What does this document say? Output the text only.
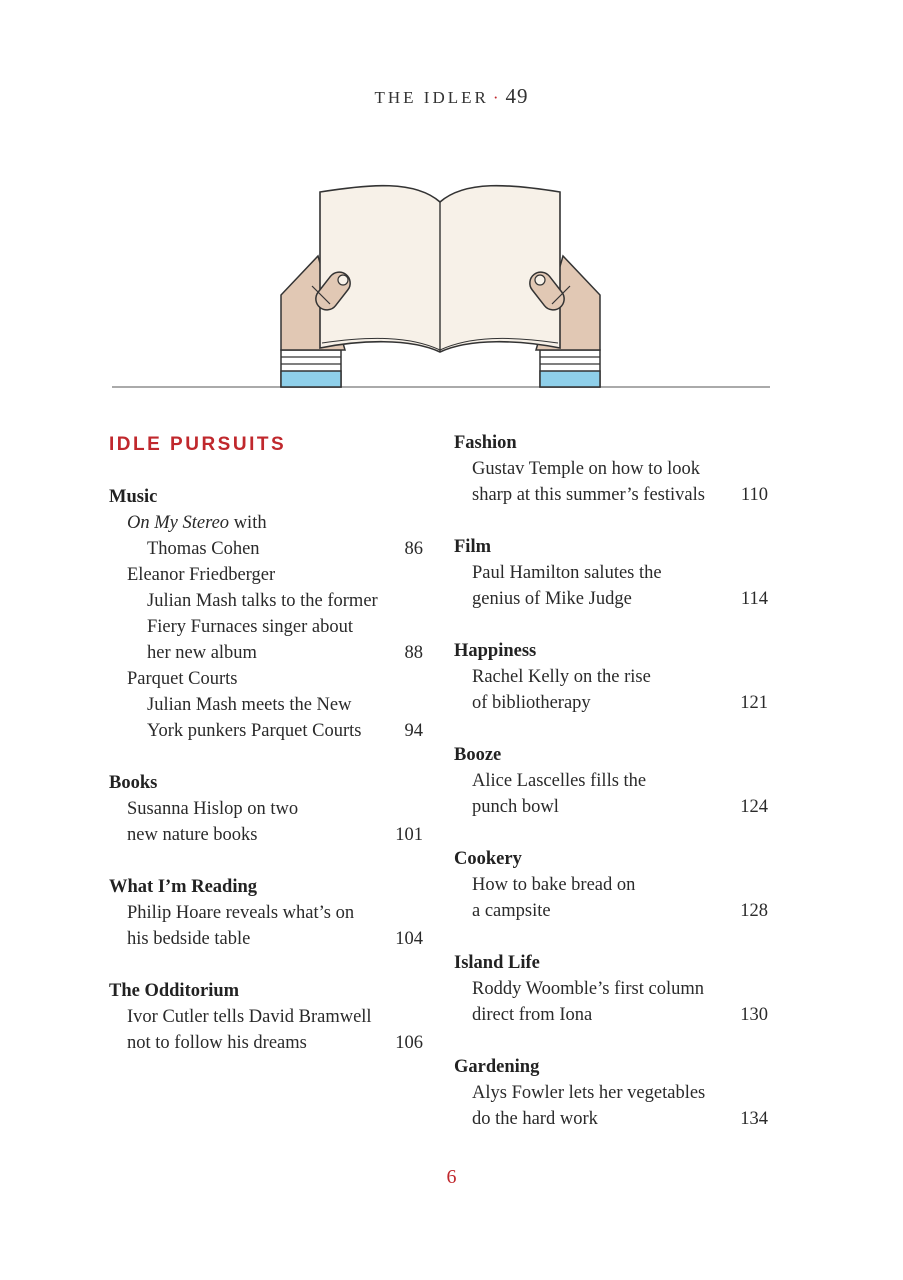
THE IDLER · 49
IDLE PURSUITS
Music
On My Stereo with
Thomas Cohen	86
Eleanor Friedberger
Julian Mash talks to the former
Fiery Furnaces singer about
her new album	88
Parquet Courts
Julian Mash meets the New
York punkers Parquet Courts 94
Books
Susanna Hislop on two
new nature books	101
What I’m Reading
Philip Hoare reveals what’s on
his bedside table	104
The Odditorium
Ivor Cutler tells David Bramwell
not to follow his dreams	106
Fashion
Gustav Temple on how to look
sharp at this summer’s festivals 110
Film
Paul Hamilton salutes the
genius of Mike Judge	114
Happiness
Rachel Kelly on the rise
of bibliotherapy	121
Booze
Alice Lascelles fills the
punch bowl	124
Cookery
How to bake bread on
a campsite	128
Island Life
Roddy Woomble’s first column
direct from Iona	130
Gardening
Alys Fowler lets her vegetables
do the hard work	134
6
